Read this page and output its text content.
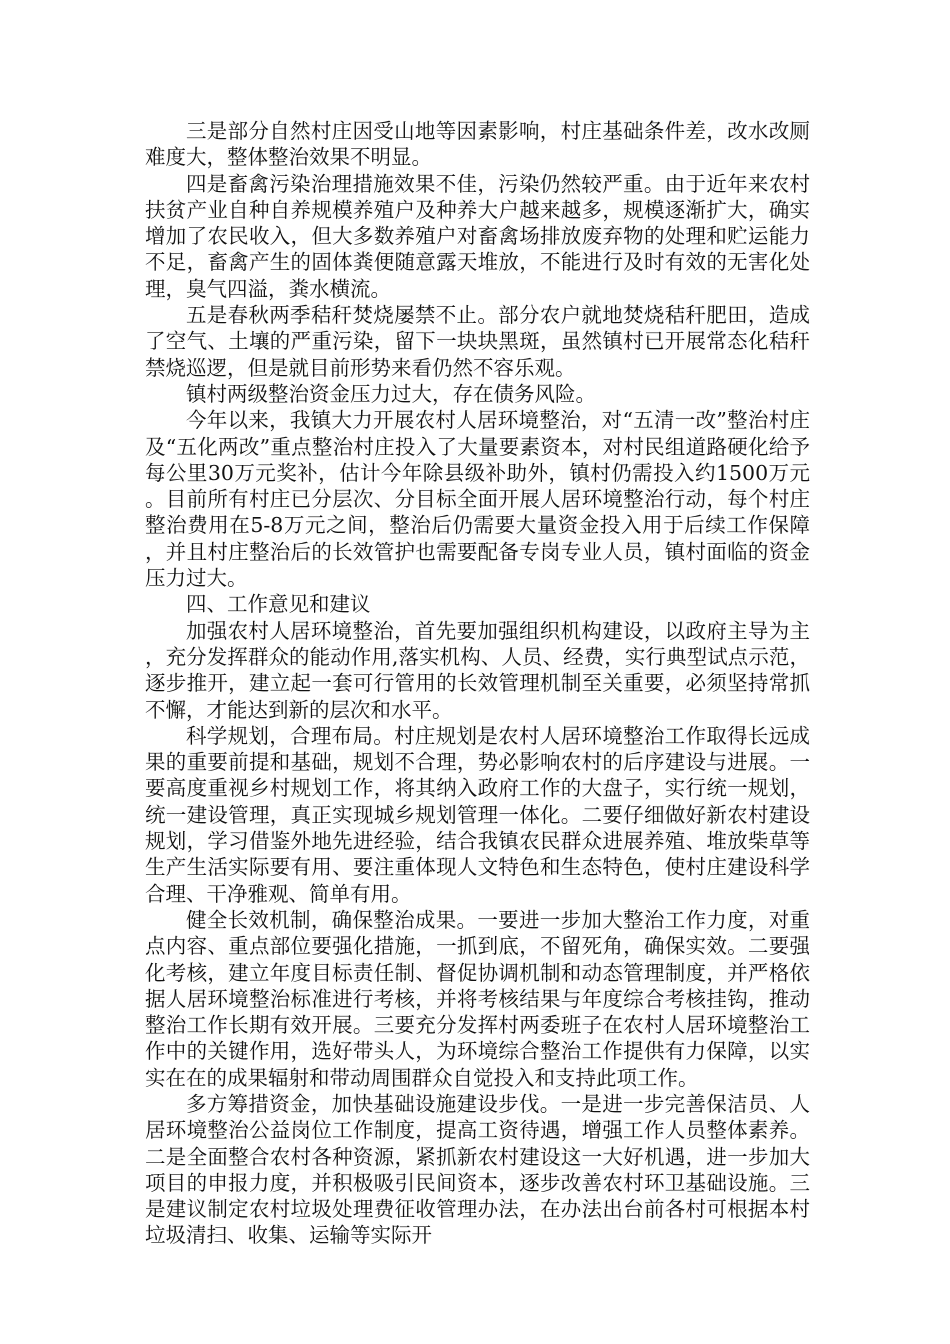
三是部分自然村庄因受山地等因素影响，村庄基础条件差，改水改厕难度大，整体整治效果不明显。

四是畜禽污染治理措施效果不佳，污染仍然较严重。由于近年来农村扶贫产业自种自养规模养殖户及种养大户越来越多，规模逐渐扩大，确实增加了农民收入，但大多数养殖户对畜禽场排放废弃物的处理和贮运能力不足，畜禽产生的固体粪便随意露天堆放，不能进行及时有效的无害化处理，臭气四溢，粪水横流。

五是春秋两季秸秆焚烧屡禁不止。部分农户就地焚烧秸秆肥田，造成了空气、土壤的严重污染，留下一块块黑斑，虽然镇村已开展常态化秸秆禁烧巡逻，但是就目前形势来看仍然不容乐观。

镇村两级整治资金压力过大，存在债务风险。

今年以来，我镇大力开展农村人居环境整治，对“五清一改”整治村庄及“五化两改”重点整治村庄投入了大量要素资本，对村民组道路硬化给予每公里30万元奖补，估计今年除县级补助外，镇村仍需投入约1500万元。目前所有村庄已分层次、分目标全面开展人居环境整治行动，每个村庄整治费用在5-8万元之间，整治后仍需要大量资金投入用于后续工作保障，并且村庄整治后的长效管护也需要配备专岗专业人员，镇村面临的资金压力过大。

四、工作意见和建议

加强农村人居环境整治，首先要加强组织机构建设，以政府主导为主，充分发挥群众的能动作用,落实机构、人员、经费，实行典型试点示范，逐步推开，建立起一套可行管用的长效管理机制至关重要，必须坚持常抓不懈，才能达到新的层次和水平。

科学规划，合理布局。村庄规划是农村人居环境整治工作取得长远成果的重要前提和基础，规划不合理，势必影响农村的后序建设与进展。一要高度重视乡村规划工作，将其纳入政府工作的大盘子，实行统一规划，统一建设管理，真正实现城乡规划管理一体化。二要仔细做好新农村建设规划，学习借鉴外地先进经验，结合我镇农民群众进展养殖、堆放柴草等生产生活实际要有用、要注重体现人文特色和生态特色，使村庄建设科学合理、干净雅观、简单有用。

健全长效机制，确保整治成果。一要进一步加大整治工作力度，对重点内容、重点部位要强化措施，一抓到底，不留死角，确保实效。二要强化考核，建立年度目标责任制、督促协调机制和动态管理制度，并严格依据人居环境整治标准进行考核，并将考核结果与年度综合考核挂钩，推动整治工作长期有效开展。三要充分发挥村两委班子在农村人居环境整治工作中的关键作用，选好带头人，为环境综合整治工作提供有力保障，以实实在在的成果辐射和带动周围群众自觉投入和支持此项工作。

多方筹措资金，加快基础设施建设步伐。一是进一步完善保洁员、人居环境整治公益岗位工作制度，提高工资待遇，增强工作人员整体素养。二是全面整合农村各种资源，紧抓新农村建设这一大好机遇，进一步加大项目的申报力度，并积极吸引民间资本，逐步改善农村环卫基础设施。三是建议制定农村垃圾处理费征收管理办法，在办法出台前各村可根据本村垃圾清扫、收集、运输等实际开
